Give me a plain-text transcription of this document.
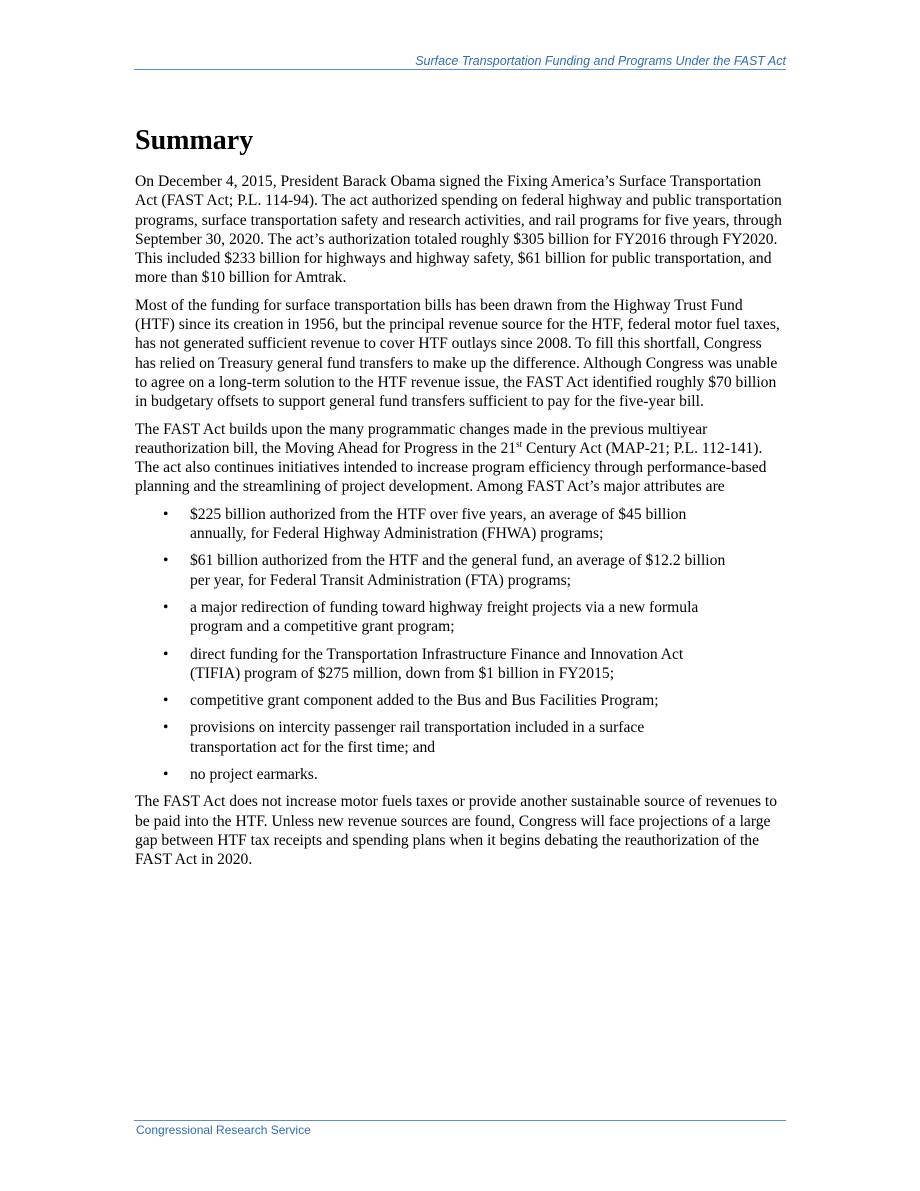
Surface Transportation Funding and Programs Under the FAST Act
Summary

On December 4, 2015, President Barack Obama signed the Fixing America’s Surface Transportation Act (FAST Act; P.L. 114-94). The act authorized spending on federal highway and public transportation programs, surface transportation safety and research activities, and rail programs for five years, through September 30, 2020. The act’s authorization totaled roughly $305 billion for FY2016 through FY2020. This included $233 billion for highways and highway safety, $61 billion for public transportation, and more than $10 billion for Amtrak.

Most of the funding for surface transportation bills has been drawn from the Highway Trust Fund (HTF) since its creation in 1956, but the principal revenue source for the HTF, federal motor fuel taxes, has not generated sufficient revenue to cover HTF outlays since 2008. To fill this shortfall, Congress has relied on Treasury general fund transfers to make up the difference. Although Congress was unable to agree on a long-term solution to the HTF revenue issue, the FAST Act identified roughly $70 billion in budgetary offsets to support general fund transfers sufficient to pay for the five-year bill.

The FAST Act builds upon the many programmatic changes made in the previous multiyear reauthorization bill, the Moving Ahead for Progress in the 21st Century Act (MAP-21; P.L. 112-141). The act also continues initiatives intended to increase program efficiency through performance-based planning and the streamlining of project development. Among FAST Act’s major attributes are

• $225 billion authorized from the HTF over five years, an average of $45 billion annually, for Federal Highway Administration (FHWA) programs;
• $61 billion authorized from the HTF and the general fund, an average of $12.2 billion per year, for Federal Transit Administration (FTA) programs;
• a major redirection of funding toward highway freight projects via a new formula program and a competitive grant program;
• direct funding for the Transportation Infrastructure Finance and Innovation Act (TIFIA) program of $275 million, down from $1 billion in FY2015;
• competitive grant component added to the Bus and Bus Facilities Program;
• provisions on intercity passenger rail transportation included in a surface transportation act for the first time; and
• no project earmarks.

The FAST Act does not increase motor fuels taxes or provide another sustainable source of revenues to be paid into the HTF. Unless new revenue sources are found, Congress will face projections of a large gap between HTF tax receipts and spending plans when it begins debating the reauthorization of the FAST Act in 2020.

Congressional Research Service
